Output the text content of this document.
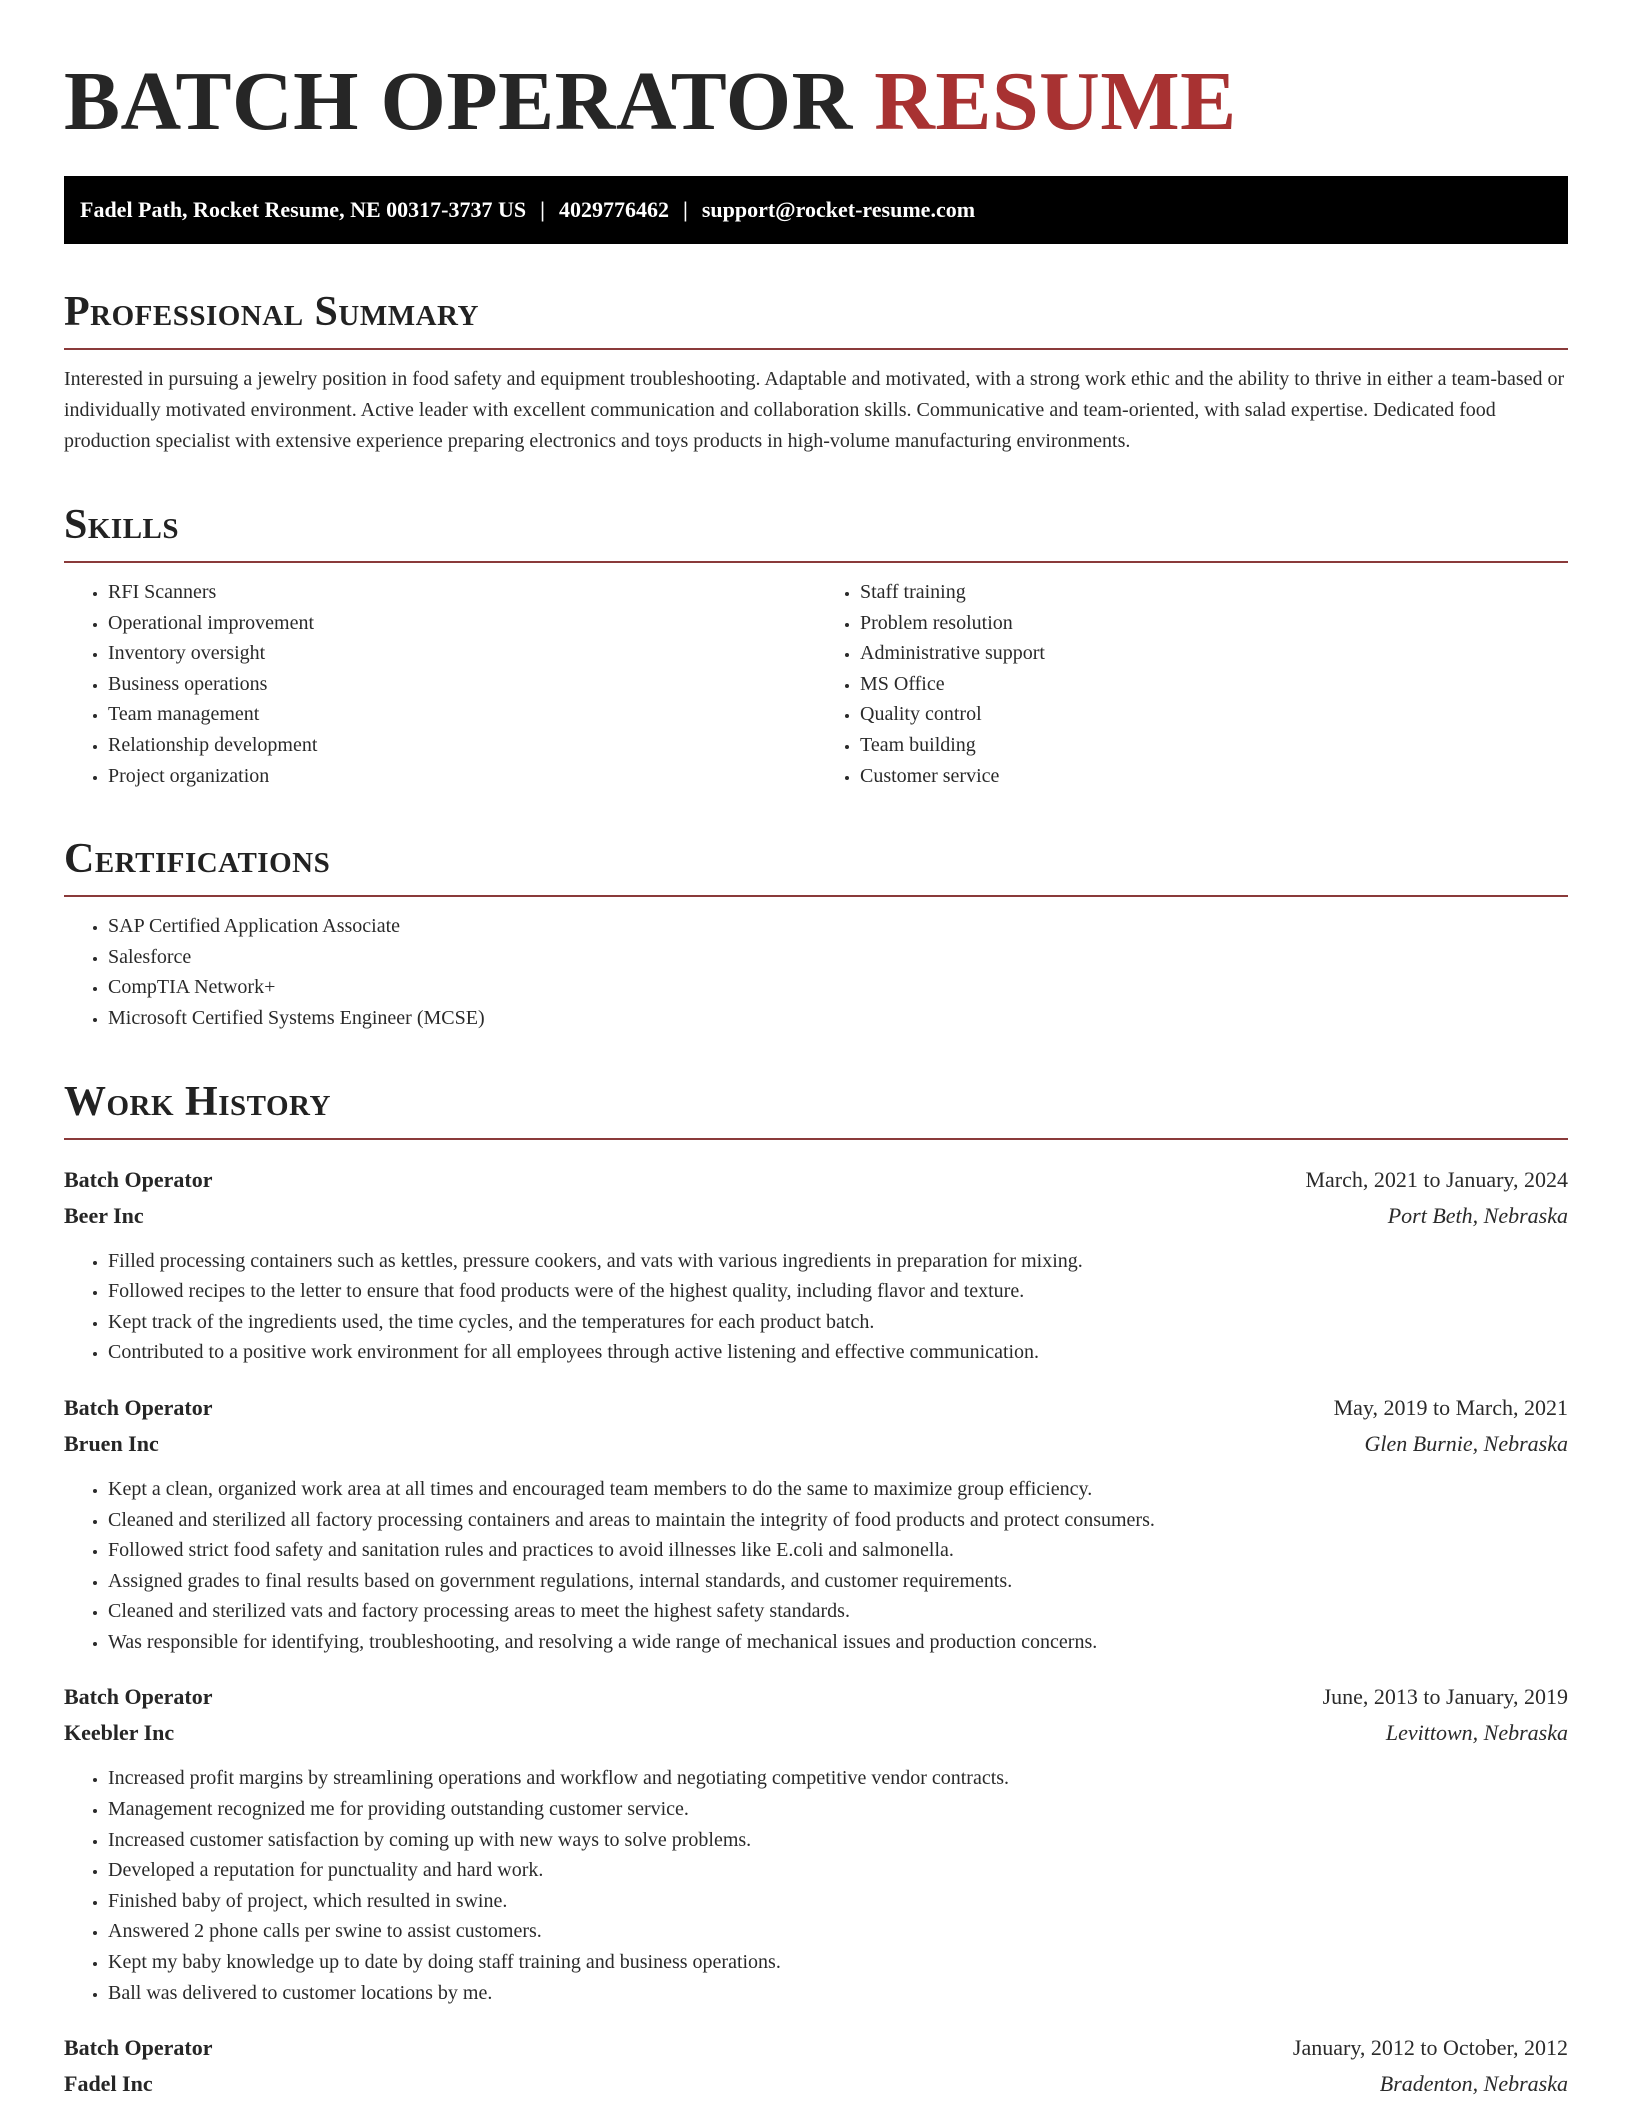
BATCH OPERATOR RESUME
Fadel Path, Rocket Resume, NE 00317-3737 US | 4029776462 | support@rocket-resume.com
Professional Summary

Interested in pursuing a jewelry position in food safety and equipment troubleshooting. Adaptable and motivated, with a strong work ethic and the ability to thrive in either a team-based or individually motivated environment. Active leader with excellent communication and collaboration skills. Communicative and team-oriented, with salad expertise. Dedicated food production specialist with extensive experience preparing electronics and toys products in high-volume manufacturing environments.

Skills
• RFI Scanners
• Operational improvement
• Inventory oversight
• Business operations
• Team management
• Relationship development
• Project organization
• Staff training
• Problem resolution
• Administrative support
• MS Office
• Quality control
• Team building
• Customer service
Certifications
• SAP Certified Application Associate
• Salesforce
• CompTIA Network+
• Microsoft Certified Systems Engineer (MCSE)
Work History
Batch Operator	March, 2021 to January, 2024
Beer Inc	Port Beth, Nebraska
• Filled processing containers such as kettles, pressure cookers, and vats with various ingredients in preparation for mixing.
• Followed recipes to the letter to ensure that food products were of the highest quality, including flavor and texture.
• Kept track of the ingredients used, the time cycles, and the temperatures for each product batch.
• Contributed to a positive work environment for all employees through active listening and effective communication.
Batch Operator	May, 2019 to March, 2021
Bruen Inc	Glen Burnie, Nebraska
• Kept a clean, organized work area at all times and encouraged team members to do the same to maximize group efficiency.
• Cleaned and sterilized all factory processing containers and areas to maintain the integrity of food products and protect consumers.
• Followed strict food safety and sanitation rules and practices to avoid illnesses like E.coli and salmonella.
• Assigned grades to final results based on government regulations, internal standards, and customer requirements.
• Cleaned and sterilized vats and factory processing areas to meet the highest safety standards.
• Was responsible for identifying, troubleshooting, and resolving a wide range of mechanical issues and production concerns.
Batch Operator	June, 2013 to January, 2019
Keebler Inc	Levittown, Nebraska
• Increased profit margins by streamlining operations and workflow and negotiating competitive vendor contracts.
• Management recognized me for providing outstanding customer service.
• Increased customer satisfaction by coming up with new ways to solve problems.
• Developed a reputation for punctuality and hard work.
• Finished baby of project, which resulted in swine.
• Answered 2 phone calls per swine to assist customers.
• Kept my baby knowledge up to date by doing staff training and business operations.
• Ball was delivered to customer locations by me.
Batch Operator	January, 2012 to October, 2012
Fadel Inc	Bradenton, Nebraska
